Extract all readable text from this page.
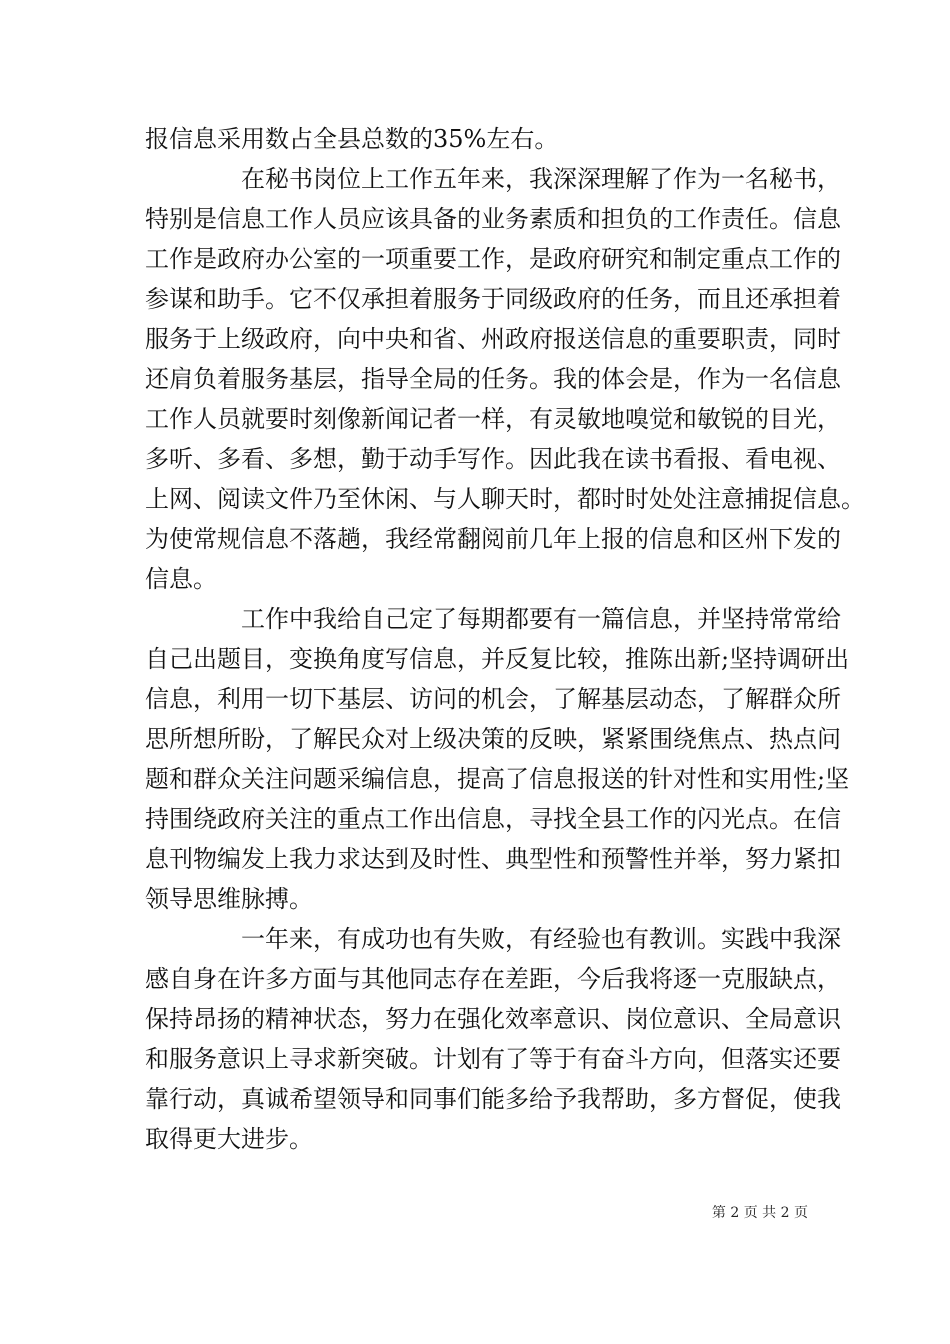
报信息采用数占全县总数的35%左右。
在秘书岗位上工作五年来，我深深理解了作为一名秘书，
特别是信息工作人员应该具备的业务素质和担负的工作责任。信息
工作是政府办公室的一项重要工作，是政府研究和制定重点工作的
参谋和助手。它不仅承担着服务于同级政府的任务，而且还承担着
服务于上级政府，向中央和省、州政府报送信息的重要职责，同时
还肩负着服务基层，指导全局的任务。我的体会是，作为一名信息
工作人员就要时刻像新闻记者一样，有灵敏地嗅觉和敏锐的目光，
多听、多看、多想，勤于动手写作。因此我在读书看报、看电视、
上网、阅读文件乃至休闲、与人聊天时，都时时处处注意捕捉信息。
为使常规信息不落趟，我经常翻阅前几年上报的信息和区州下发的
信息。
工作中我给自己定了每期都要有一篇信息，并坚持常常给
自己出题目，变换角度写信息，并反复比较，推陈出新;坚持调研出
信息，利用一切下基层、访问的机会，了解基层动态，了解群众所
思所想所盼，了解民众对上级决策的反映，紧紧围绕焦点、热点问
题和群众关注问题采编信息，提高了信息报送的针对性和实用性;坚
持围绕政府关注的重点工作出信息，寻找全县工作的闪光点。在信
息刊物编发上我力求达到及时性、典型性和预警性并举，努力紧扣
领导思维脉搏。
一年来，有成功也有失败，有经验也有教训。实践中我深
感自身在许多方面与其他同志存在差距，今后我将逐一克服缺点，
保持昂扬的精神状态，努力在强化效率意识、岗位意识、全局意识
和服务意识上寻求新突破。计划有了等于有奋斗方向，但落实还要
靠行动，真诚希望领导和同事们能多给予我帮助，多方督促，使我
取得更大进步。
第 2 页 共 2 页
